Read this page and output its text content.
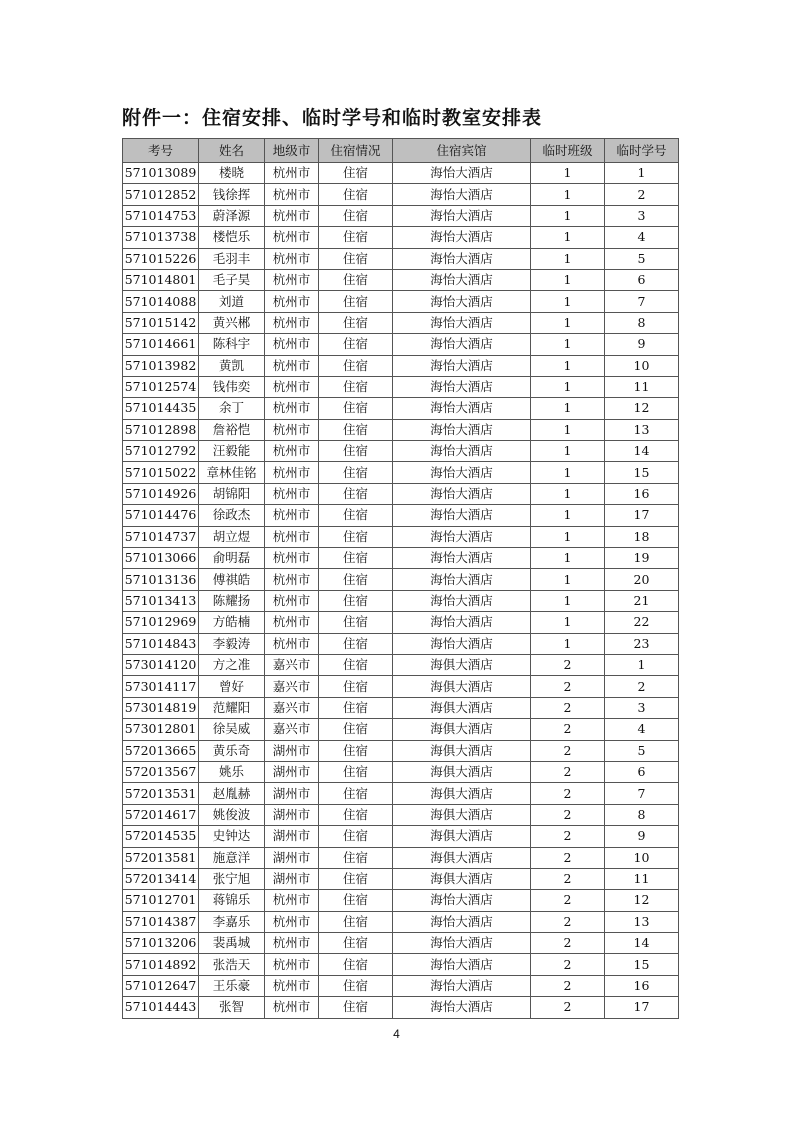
附件一：住宿安排、临时学号和临时教室安排表
考号	姓名	地级市	住宿情况	住宿宾馆	临时班级	临时学号
571013089	楼晓	杭州市	住宿	海怡大酒店	1	1
571012852	钱徐挥	杭州市	住宿	海怡大酒店	1	2
571014753	蔚泽源	杭州市	住宿	海怡大酒店	1	3
571013738	楼恺乐	杭州市	住宿	海怡大酒店	1	4
571015226	毛羽丰	杭州市	住宿	海怡大酒店	1	5
571014801	毛子昊	杭州市	住宿	海怡大酒店	1	6
571014088	刘道	杭州市	住宿	海怡大酒店	1	7
571015142	黄兴郴	杭州市	住宿	海怡大酒店	1	8
571014661	陈科宇	杭州市	住宿	海怡大酒店	1	9
571013982	黄凯	杭州市	住宿	海怡大酒店	1	10
571012574	钱伟奕	杭州市	住宿	海怡大酒店	1	11
571014435	余丁	杭州市	住宿	海怡大酒店	1	12
571012898	詹裕恺	杭州市	住宿	海怡大酒店	1	13
571012792	汪毅能	杭州市	住宿	海怡大酒店	1	14
571015022	章林佳铭	杭州市	住宿	海怡大酒店	1	15
571014926	胡锦阳	杭州市	住宿	海怡大酒店	1	16
571014476	徐政杰	杭州市	住宿	海怡大酒店	1	17
571014737	胡立煜	杭州市	住宿	海怡大酒店	1	18
571013066	俞明磊	杭州市	住宿	海怡大酒店	1	19
571013136	傅祺皓	杭州市	住宿	海怡大酒店	1	20
571013413	陈耀扬	杭州市	住宿	海怡大酒店	1	21
571012969	方皓楠	杭州市	住宿	海怡大酒店	1	22
571014843	李毅涛	杭州市	住宿	海怡大酒店	1	23
573014120	方之准	嘉兴市	住宿	海俱大酒店	2	1
573014117	曾好	嘉兴市	住宿	海俱大酒店	2	2
573014819	范耀阳	嘉兴市	住宿	海俱大酒店	2	3
573012801	徐吴威	嘉兴市	住宿	海俱大酒店	2	4
572013665	黄乐奇	湖州市	住宿	海俱大酒店	2	5
572013567	姚乐	湖州市	住宿	海俱大酒店	2	6
572013531	赵胤赫	湖州市	住宿	海俱大酒店	2	7
572014617	姚俊波	湖州市	住宿	海俱大酒店	2	8
572014535	史钟达	湖州市	住宿	海俱大酒店	2	9
572013581	施意洋	湖州市	住宿	海俱大酒店	2	10
572013414	张宁旭	湖州市	住宿	海俱大酒店	2	11
571012701	蒋锦乐	杭州市	住宿	海怡大酒店	2	12
571014387	李嘉乐	杭州市	住宿	海怡大酒店	2	13
571013206	裴禹城	杭州市	住宿	海怡大酒店	2	14
571014892	张浩天	杭州市	住宿	海怡大酒店	2	15
571012647	王乐豪	杭州市	住宿	海怡大酒店	2	16
571014443	张智	杭州市	住宿	海怡大酒店	2	17
4
